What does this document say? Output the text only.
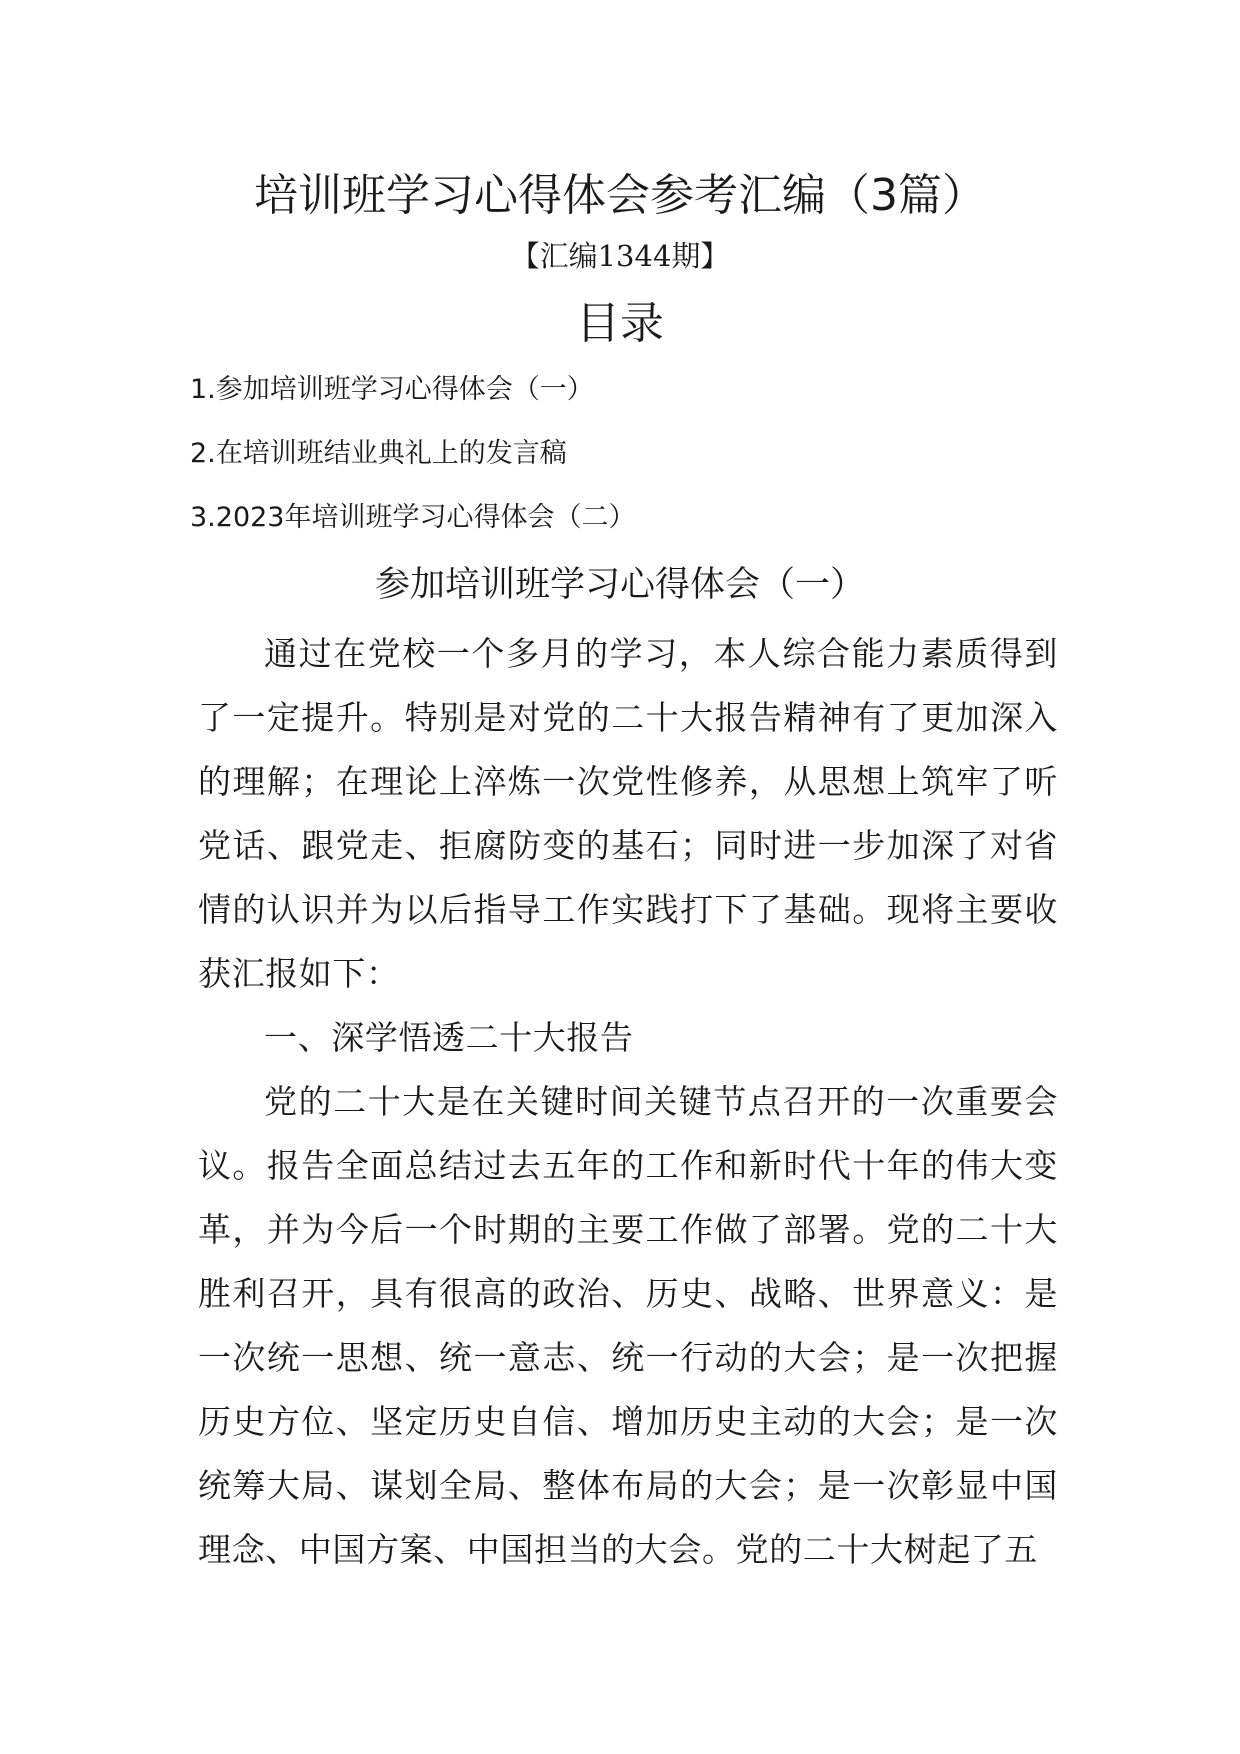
培训班学习心得体会参考汇编（3篇）
【汇编1344期】
目录
1.参加培训班学习心得体会（一）
2.在培训班结业典礼上的发言稿
3.2023年培训班学习心得体会（二）
参加培训班学习心得体会（一）

通过在党校一个多月的学习，本人综合能力素质得到了一定提升。特别是对党的二十大报告精神有了更加深入的理解；在理论上淬炼一次党性修养，从思想上筑牢了听党话、跟党走、拒腐防变的基石；同时进一步加深了对省情的认识并为以后指导工作实践打下了基础。现将主要收获汇报如下：

一、深学悟透二十大报告

党的二十大是在关键时间关键节点召开的一次重要会议。报告全面总结过去五年的工作和新时代十年的伟大变革，并为今后一个时期的主要工作做了部署。党的二十大胜利召开，具有很高的政治、历史、战略、世界意义：是一次统一思想、统一意志、统一行动的大会；是一次把握历史方位、坚定历史自信、增加历史主动的大会；是一次统筹大局、谋划全局、整体布局的大会；是一次彰显中国理念、中国方案、中国担当的大会。党的二十大树起了五
